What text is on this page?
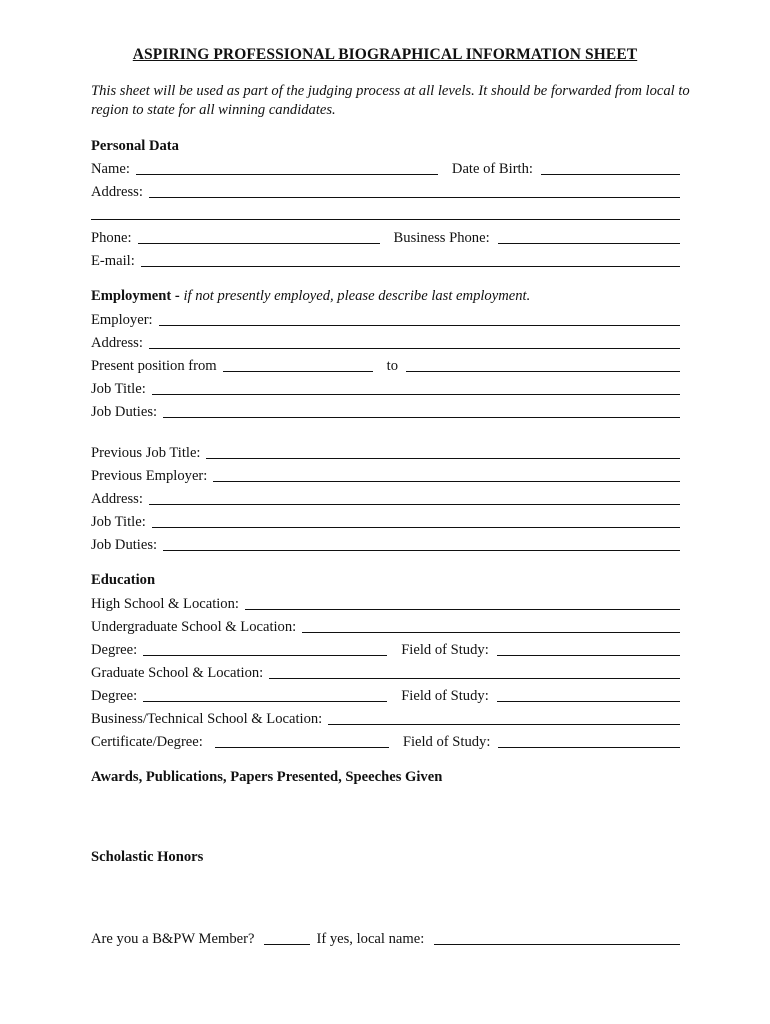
ASPIRING PROFESSIONAL BIOGRAPHICAL INFORMATION SHEET
This sheet will be used as part of the judging process at all levels. It should be forwarded from local to region to state for all winning candidates.
Personal Data
Name:	Date of Birth:
Address:
Phone:	Business Phone:
E-mail:
Employment - if not presently employed, please describe last employment.
Employer:
Address:
Present position from	to
Job Title:
Job Duties:
Previous Job Title:
Previous Employer:
Address:
Job Title:
Job Duties:
Education
High School & Location:
Undergraduate School & Location:
Degree:	Field of Study:
Graduate School & Location:
Degree:	Field of Study:
Business/Technical School & Location:
Certificate/Degree:	Field of Study:
Awards, Publications, Papers Presented, Speeches Given
Scholastic Honors
Are you a B&PW Member?	If yes, local name:
